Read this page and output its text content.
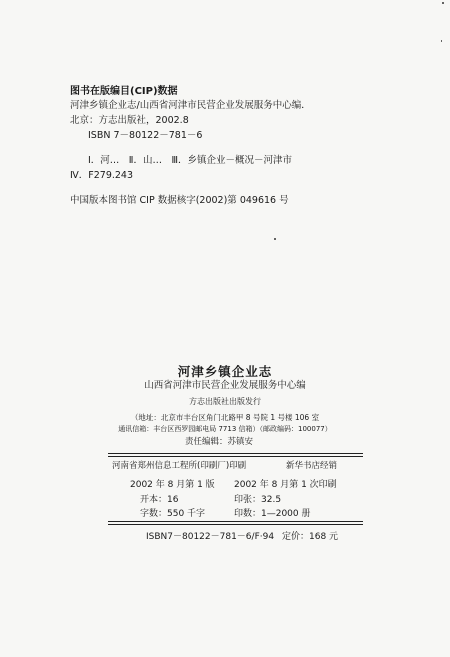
图书在版编目(CIP)数据
河津乡镇企业志/山西省河津市民营企业发展服务中心编．
北京：方志出版社，2002.8
ISBN 7－80122－781－6
Ⅰ．河…　Ⅱ．山…　Ⅲ．乡镇企业－概况－河津市
Ⅳ．F279.243
中国版本图书馆 CIP 数据核字(2002)第 049616 号
河津乡镇企业志
山西省河津市民营企业发展服务中心编
方志出版社出版发行
（地址：北京市丰台区角门北路甲 8 号院 1 号楼 106 室
通讯信箱：丰台区西罗园邮电局 7713 信箱）（邮政编码：100077）
责任编辑：苏镇安
河南省郑州信息工程所(印刷厂)印刷	新华书店经销
2002 年 8 月第 1 版 2002 年 8 月第 1 次印刷
开本：16	印张：32.5
字数：550 千字	印数：1—2000 册
ISBN7－80122－781－6/F·94 定价：168 元
